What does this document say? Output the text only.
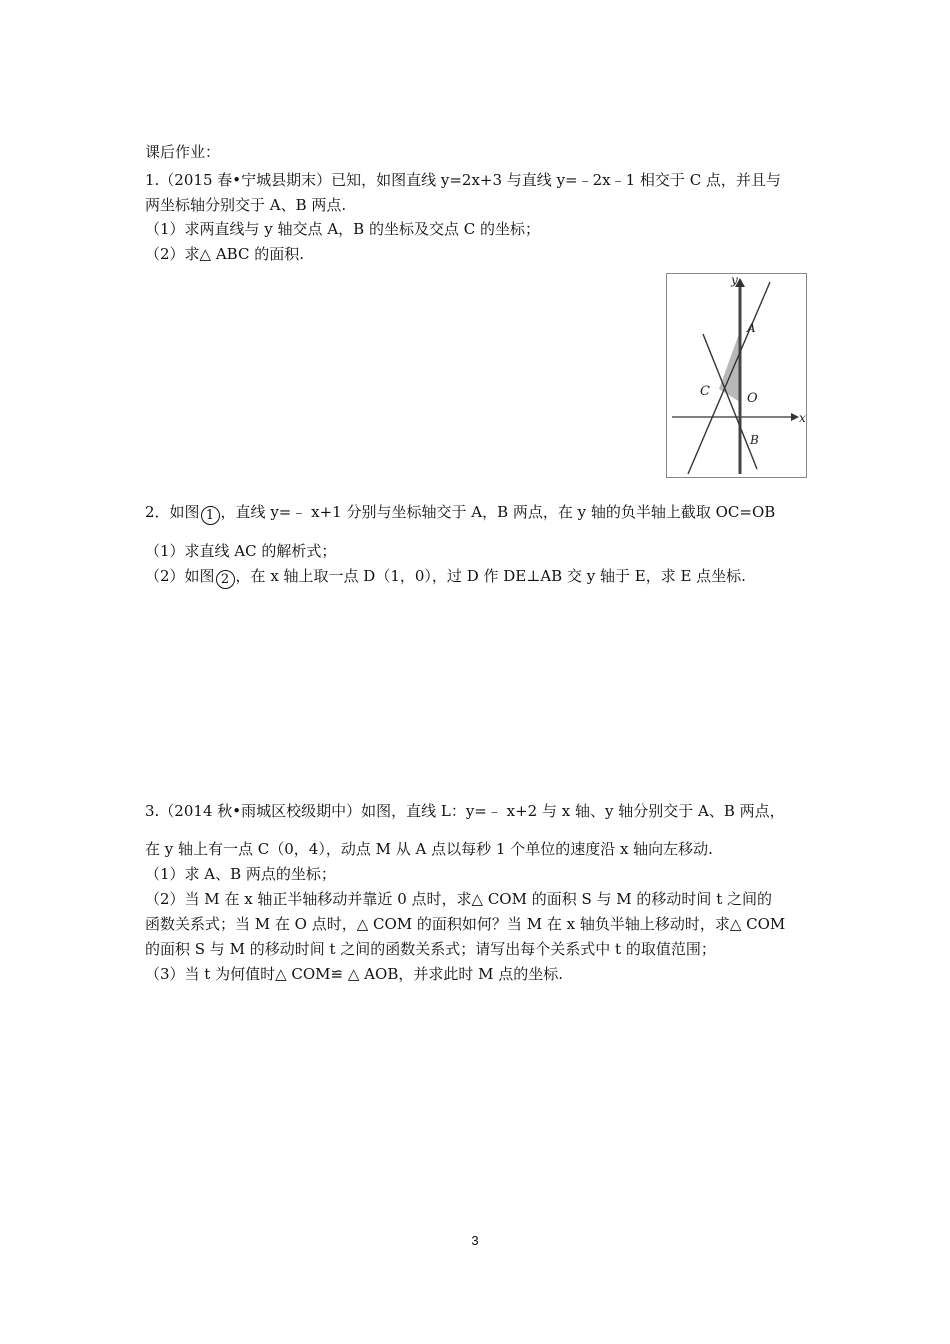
课后作业：
1.（2015 春•宁城县期末）已知，如图直线 y=2x+3 与直线 y=﹣2x﹣1 相交于 C 点，并且与
两坐标轴分别交于 A、B 两点.
（1）求两直线与 y 轴交点 A，B 的坐标及交点 C 的坐标；
（2）求△ ABC 的面积.
y
x
A
B
C	O
2．如图 1 ，直线 y=﹣ x+1 分别与坐标轴交于 A，B 两点，在 y 轴的负半轴上截取 OC=OB
（1）求直线 AC 的解析式；
（2）如图 2 ，在 x 轴上取一点 D（1，0），过 D 作 DE⊥AB 交 y 轴于 E，求 E 点坐标.
3.（2014 秋•雨城区校级期中）如图，直线 L：y=﹣ x+2 与 x 轴、y 轴分别交于 A、B 两点，
在 y 轴上有一点 C（0，4），动点 M 从 A 点以每秒 1 个单位的速度沿 x 轴向左移动.
（1）求 A、B 两点的坐标；
（2）当 M 在 x 轴正半轴移动并靠近 0 点时，求△ COM 的面积 S 与 M 的移动时间 t 之间的
函数关系式；当 M 在 O 点时，△ COM 的面积如何？当 M 在 x 轴负半轴上移动时，求△ COM
的面积 S 与 M 的移动时间 t 之间的函数关系式；请写出每个关系式中 t 的取值范围；
（3）当 t 为何值时△ COM≌ △ AOB，并求此时 M 点的坐标.
3
